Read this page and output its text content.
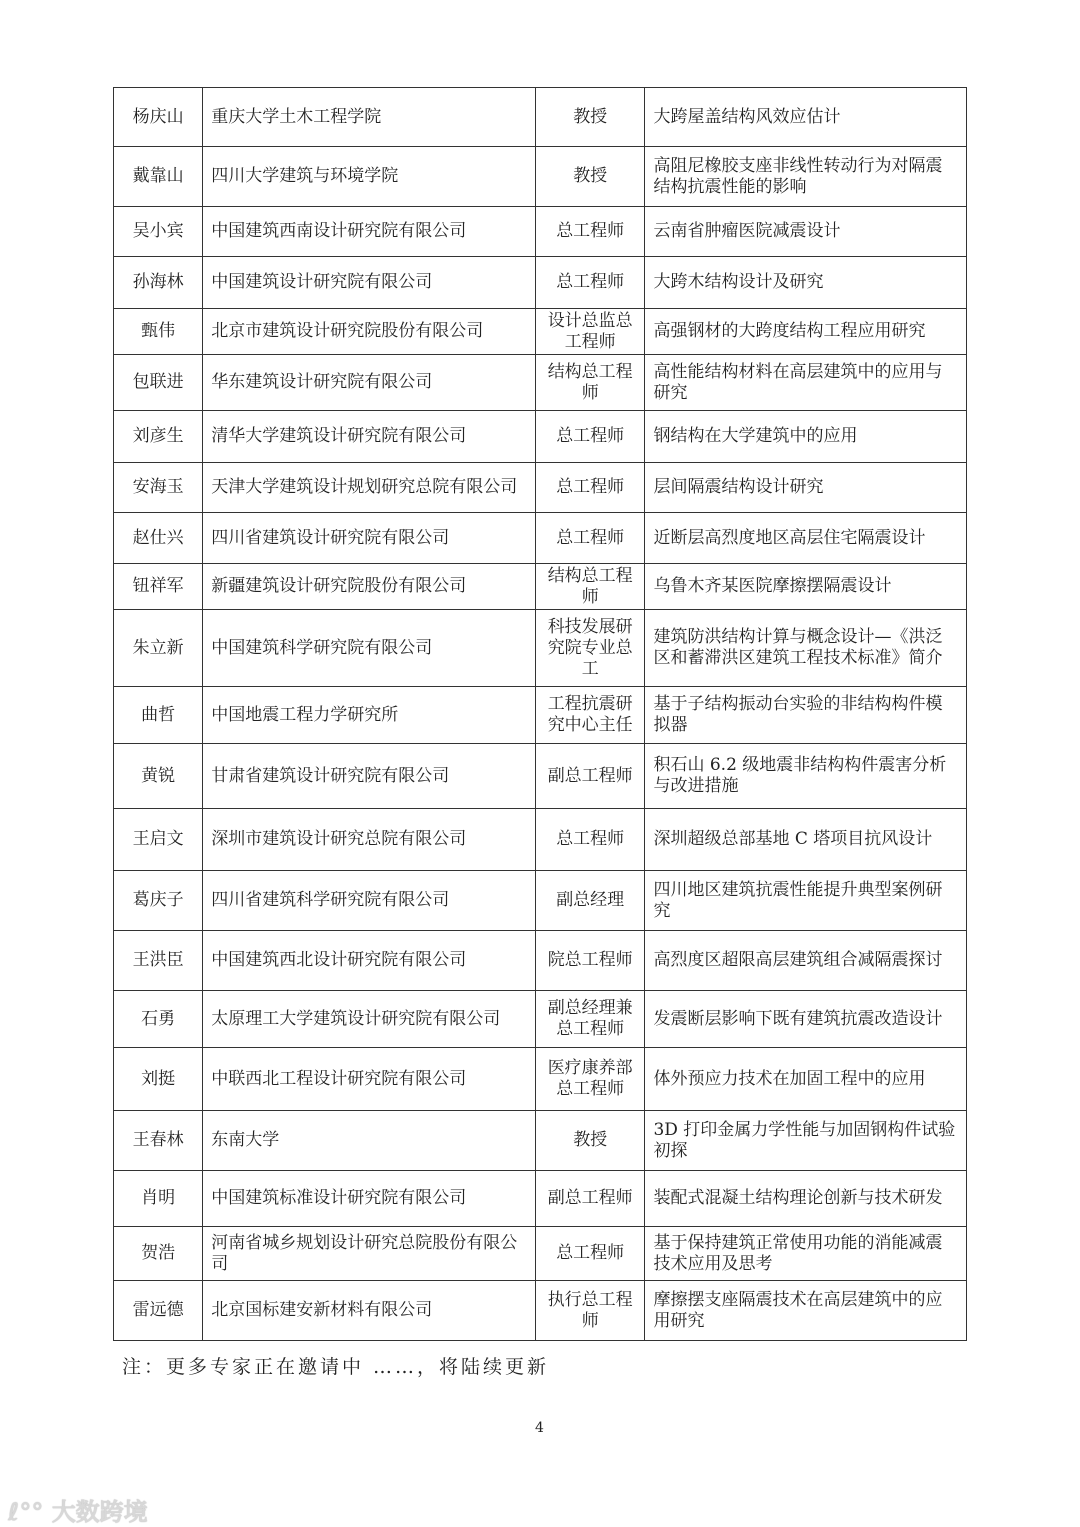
杨庆山	重庆大学土木工程学院	教授	大跨屋盖结构风效应估计
戴靠山	四川大学建筑与环境学院	教授	高阻尼橡胶支座非线性转动行为对隔震结构抗震性能的影响
吴小宾	中国建筑西南设计研究院有限公司	总工程师	云南省肿瘤医院减震设计
孙海林	中国建筑设计研究院有限公司	总工程师	大跨木结构设计及研究
甄伟	北京市建筑设计研究院股份有限公司	设计总监总工程师	高强钢材的大跨度结构工程应用研究
包联进	华东建筑设计研究院有限公司	结构总工程师	高性能结构材料在高层建筑中的应用与研究
刘彦生	清华大学建筑设计研究院有限公司	总工程师	钢结构在大学建筑中的应用
安海玉	天津大学建筑设计规划研究总院有限公司	总工程师	层间隔震结构设计研究
赵仕兴	四川省建筑设计研究院有限公司	总工程师	近断层高烈度地区高层住宅隔震设计
钮祥军	新疆建筑设计研究院股份有限公司	结构总工程师	乌鲁木齐某医院摩擦摆隔震设计
朱立新	中国建筑科学研究院有限公司	科技发展研究院专业总工	建筑防洪结构计算与概念设计—《洪泛区和蓄滞洪区建筑工程技术标准》简介
曲哲	中国地震工程力学研究所	工程抗震研究中心主任	基于子结构振动台实验的非结构构件模拟器
黄锐	甘肃省建筑设计研究院有限公司	副总工程师	积石山 6.2 级地震非结构构件震害分析与改进措施
王启文	深圳市建筑设计研究总院有限公司	总工程师	深圳超级总部基地 C 塔项目抗风设计
葛庆子	四川省建筑科学研究院有限公司	副总经理	四川地区建筑抗震性能提升典型案例研究
王洪臣	中国建筑西北设计研究院有限公司	院总工程师	高烈度区超限高层建筑组合减隔震探讨
石勇	太原理工大学建筑设计研究院有限公司	副总经理兼总工程师	发震断层影响下既有建筑抗震改造设计
刘挺	中联西北工程设计研究院有限公司	医疗康养部总工程师	体外预应力技术在加固工程中的应用
王春林	东南大学	教授	3D 打印金属力学性能与加固钢构件试验初探
肖明	中国建筑标准设计研究院有限公司	副总工程师	装配式混凝土结构理论创新与技术研发
贺浩	河南省城乡规划设计研究总院股份有限公司	总工程师	基于保持建筑正常使用功能的消能减震技术应用及思考
雷远德	北京国标建安新材料有限公司	执行总工程师	摩擦摆支座隔震技术在高层建筑中的应用研究
注：更多专家正在邀请中 ……，将陆续更新
4
ℓ°° 大数跨境
